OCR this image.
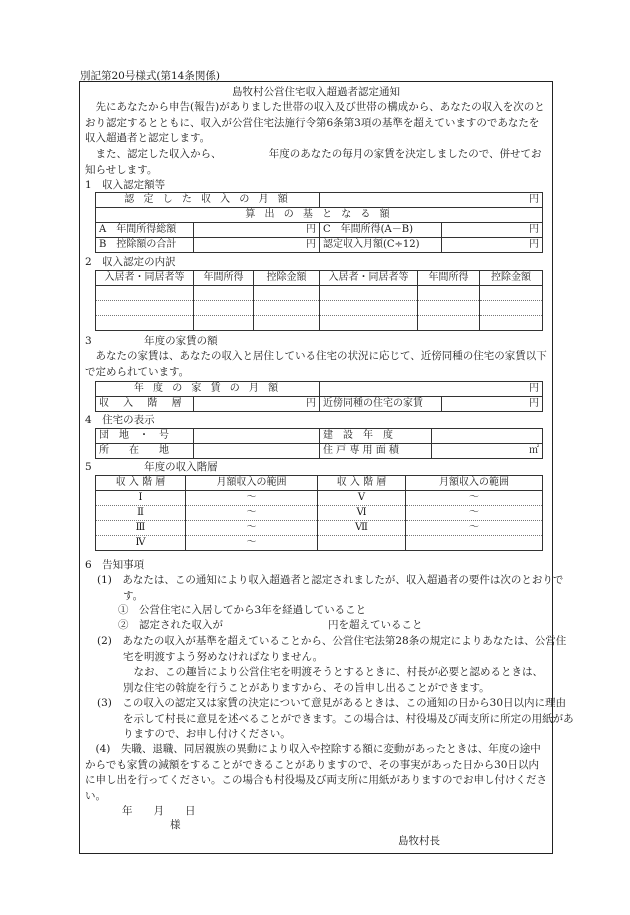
別記第20号様式(第14条関係)
島牧村公営住宅収入超過者認定通知
先にあなたから申告(報告)がありました世帯の収入及び世帯の構成から、あなたの収入を次のとおり認定するとともに、収入が公営住宅法施行令第6条第3項の基準を超えていますのであなたを収入超過者と認定します。
また、認定した収入から、　　　　　年度のあなたの毎月の家賃を決定しましたので、併せてお知らせします。
1　収入認定額等
認 定 し た 収 入 の 月 額		円	
算 出 の 基 と な る 額			
A　年間所得総額	円	C　年間所得(A－B)	円
B　控除額の合計	円	認定収入月額(C÷12)	円
2　収入認定の内訳
入居者・同居者等	年間所得	控除金額	入居者・同居者等	年間所得	控除金額

3　　　　　年度の家賃の額
あなたの家賃は、あなたの収入と居住している住宅の状況に応じて、近傍同種の住宅の家賃以下で定められています。
年 度 の 家 賃 の 月 額		円	
収 入 階 層	円	近傍同種の住宅の家賃	円
4　住宅の表示
団　地　・　号		建　設　年　度	
所　　在　　地		住 戸 専 用 面 積	㎡
5　　　　　年度の収入階層
収 入 階 層	月額収入の範囲	収 入 階 層	月額収入の範囲
Ⅰ	～	Ⅴ	～
Ⅱ	～	Ⅵ	～
Ⅲ	～	Ⅶ	～
Ⅳ	～		
6　告知事項
(1)　あなたは、この通知により収入超過者と認定されましたが、収入超過者の要件は次のとおりです。
①　公営住宅に入居してから3年を経過していること
②　認定された収入が　　　　　　　　　　円を超えていること
(2)　あなたの収入が基準を超えていることから、公営住宅法第28条の規定によりあなたは、公営住宅を明渡すよう努めなければなりません。
なお、この趣旨により公営住宅を明渡そうとするときに、村長が必要と認めるときは、別な住宅の斡旋を行うことがありますから、その旨申し出ることができます。
(3)　この収入の認定又は家賃の決定について意見があるときは、この通知の日から30日以内に理由を示して村長に意見を述べることができます。この場合は、村役場及び両支所に所定の用紙がありますので、お申し付けください。
(4)　失職、退職、同居親族の異動により収入や控除する額に変動があったときは、年度の途中からでも家賃の減額をすることができることがありますので、その事実があった日から30日以内に申し出を行ってください。この場合も村役場及び両支所に用紙がありますのでお申し付けください。
年　　月　　日
様
島牧村長
